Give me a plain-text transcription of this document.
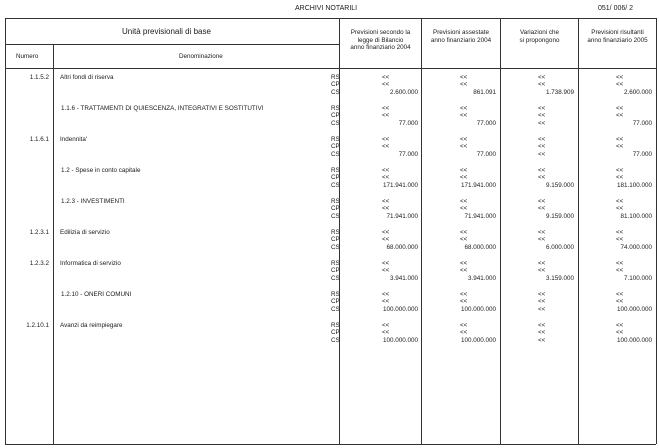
ARCHIVI NOTARILI	051/ 006/ 2
Unità previsionali di base
Numero	Denominazione
Previsioni secondo la
legge di Bilancio
anno finanziario 2004
Previsioni assestate
anno finanziario 2004
Variazioni che
si propongono
Previsioni risultanti
anno finanziario 2005
1.1.5.2 Altri fondi di riserva	RS	<<	<<	<<	<<
CP	<<	<<	<<	<<
CS	2.600.000	861.091	1.738.909	2.600.000
1.1.6 - TRATTAMENTI DI QUIESCENZA, INTEGRATIVI E SOSTITUTIVI	RS	<<	<<	<<	<<
CP	<<	<<	<<	<<
CS	77.000	77.000	<<	77.000
1.1.6.1 Indennita'	RS	<<	<<	<<	<<
CP	<<	<<	<<	<<
CS	77.000	77.000	<<	77.000
1.2 - Spese in conto capitale	RS	<<	<<	<<	<<
CP	<<	<<	<<	<<
CS	171.941.000	171.941.000	9.159.000	181.100.000
1.2.3 - INVESTIMENTI	RS	<<	<<	<<	<<
CP	<<	<<	<<	<<
CS	71.941.000	71.941.000	9.159.000	81.100.000
1.2.3.1 Edilizia di servizio	RS	<<	<<	<<	<<
CP	<<	<<	<<	<<
CS	68.000.000	68.000.000	6.000.000	74.000.000
1.2.3.2 Informatica di servizio	RS	<<	<<	<<	<<
CP	<<	<<	<<	<<
CS	3.941.000	3.941.000	3.159.000	7.100.000
1.2.10 - ONERI COMUNI	RS	<<	<<	<<	<<
CP	<<	<<	<<	<<
CS	100.000.000	100.000.000	<<	100.000.000
1.2.10.1 Avanzi da reimpiegare	RS	<<	<<	<<	<<
CP	<<	<<	<<	<<
CS	100.000.000	100.000.000	<<	100.000.000
